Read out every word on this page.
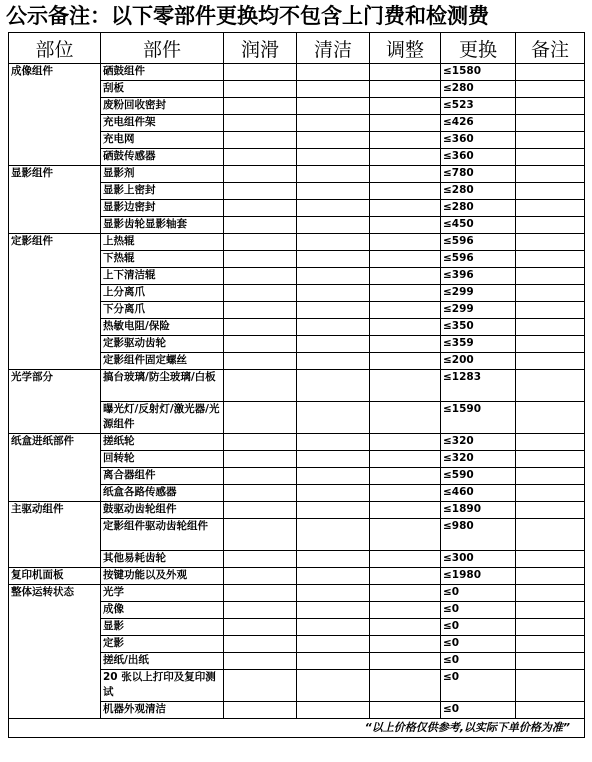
公示备注：以下零部件更换均不包含上门费和检测费
部位	部件	润滑	清洁	调整	更换	备注
成像组件	硒鼓组件				≤1580	
	刮板				≤280	
	废粉回收密封				≤523	
	充电组件架				≤426	
	充电网				≤360	
	硒鼓传感器				≤360	
显影组件	显影剂				≤780	
	显影上密封				≤280	
	显影边密封				≤280	
	显影齿轮显影轴套				≤450	
定影组件	上热辊				≤596	
	下热辊				≤596	
	上下清洁辊				≤396	
	上分离爪				≤299	
	下分离爪				≤299	
	热敏电阻/保险				≤350	
	定影驱动齿轮				≤359	
	定影组件固定螺丝				≤200	
光学部分	搞台玻璃/防尘玻璃/白板				≤1283	
	曝光灯/反射灯/激光器/光源组件				≤1590	
纸盒进纸部件	搓纸轮				≤320	
	回转轮				≤320	
	离合器组件				≤590	
	纸盒各路传感器				≤460	
主驱动组件	鼓驱动齿轮组件				≤1890	
	定影组件驱动齿轮组件				≤980	
	其他易耗齿轮				≤300	
复印机面板	按键功能以及外观				≤1980	
整体运转状态	光学				≤0	
	成像				≤0	
	显影				≤0	
	定影				≤0	
	搓纸/出纸				≤0	
	20 张以上打印及复印测试				≤0	
	机器外观清洁				≤0	
“以上价格仅供参考,以实际下单价格为准”						
